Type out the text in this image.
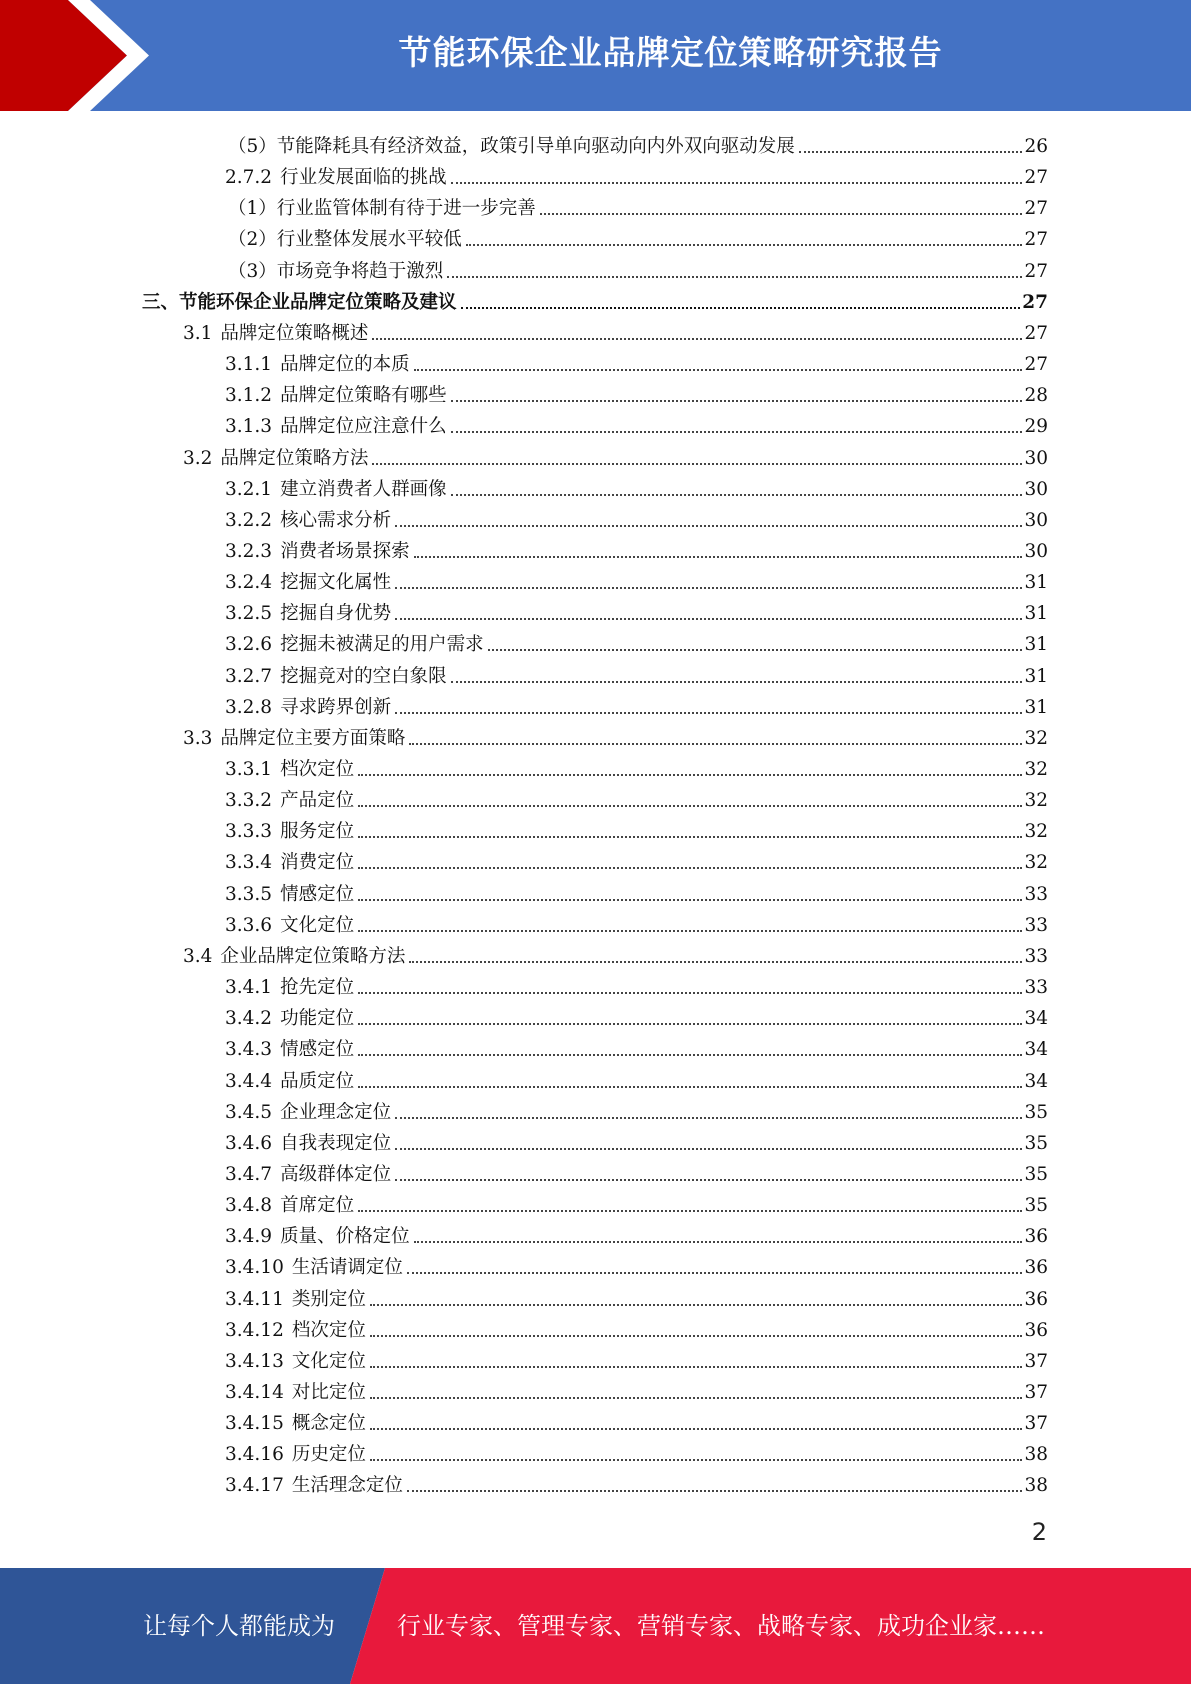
节能环保企业品牌定位策略研究报告
（5）节能降耗具有经济效益，政策引导单向驱动向内外双向驱动发展	26
2.7.2 行业发展面临的挑战	27
（1）行业监管体制有待于进一步完善	27
（2）行业整体发展水平较低	27
（3）市场竞争将趋于激烈	27
三、节能环保企业品牌定位策略及建议	27
3.1 品牌定位策略概述	27
3.1.1 品牌定位的本质	27
3.1.2 品牌定位策略有哪些	28
3.1.3 品牌定位应注意什么	29
3.2 品牌定位策略方法	30
3.2.1 建立消费者人群画像	30
3.2.2 核心需求分析	30
3.2.3 消费者场景探索	30
3.2.4 挖掘文化属性	31
3.2.5 挖掘自身优势	31
3.2.6 挖掘未被满足的用户需求	31
3.2.7 挖掘竞对的空白象限	31
3.2.8 寻求跨界创新	31
3.3 品牌定位主要方面策略	32
3.3.1 档次定位	32
3.3.2 产品定位	32
3.3.3 服务定位	32
3.3.4 消费定位	32
3.3.5 情感定位	33
3.3.6 文化定位	33
3.4 企业品牌定位策略方法	33
3.4.1 抢先定位	33
3.4.2 功能定位	34
3.4.3 情感定位	34
3.4.4 品质定位	34
3.4.5 企业理念定位	35
3.4.6 自我表现定位	35
3.4.7 高级群体定位	35
3.4.8 首席定位	35
3.4.9 质量、价格定位	36
3.4.10 生活请调定位	36
3.4.11 类别定位	36
3.4.12 档次定位	36
3.4.13 文化定位	37
3.4.14 对比定位	37
3.4.15 概念定位	37
3.4.16 历史定位	38
3.4.17 生活理念定位	38
2
让每个人都能成为	行业专家、管理专家、营销专家、战略专家、成功企业家……
